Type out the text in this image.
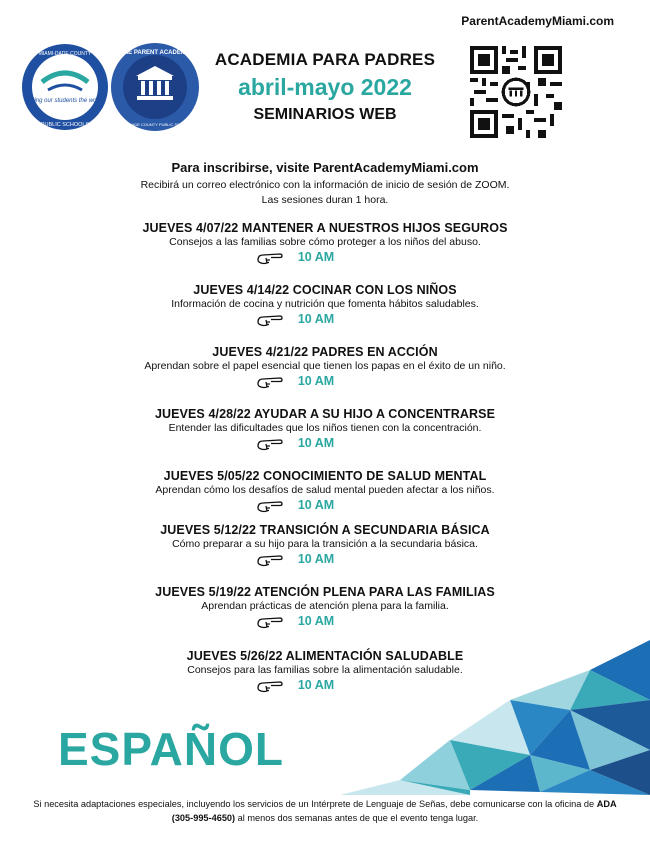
ParentAcademyMiami.com
giving our students the world
MIAMI-DADE COUNTY
PUBLIC SCHOOLS
THE PARENT ACADEMY
MIAMI-DADE COUNTY PUBLIC SCHOOLS
ACADEMIA PARA PADRES
abril-mayo 2022
SEMINARIOS WEB
Para inscribirse, visite ParentAcademyMiami.com
Recibirá un correo electrónico con la información de inicio de sesión de ZOOM.
Las sesiones duran 1 hora.
JUEVES 4/07/22 MANTENER A NUESTROS HIJOS SEGUROS
Consejos a las familias sobre cómo proteger a los niños del abuso.
10 AM
JUEVES 4/14/22 COCINAR CON LOS NIÑOS
Información de cocina y nutrición que fomenta hábitos saludables.
10 AM
JUEVES 4/21/22 PADRES EN ACCIÓN
Aprendan sobre el papel esencial que tienen los papas en el éxito de un niño.
10 AM
JUEVES 4/28/22 AYUDAR A SU HIJO A CONCENTRARSE
Entender las dificultades que los niños tienen con la concentración.
10 AM
JUEVES 5/05/22 CONOCIMIENTO DE SALUD MENTAL
Aprendan cómo los desafíos de salud mental pueden afectar a los niños.
10 AM
JUEVES 5/12/22 TRANSICIÓN A SECUNDARIA BÁSICA
Cómo preparar a su hijo para la transición a la secundaria básica.
10 AM
JUEVES 5/19/22 ATENCIÓN PLENA PARA LAS FAMILIAS
Aprendan prácticas de atención plena para la familia.
10 AM
JUEVES 5/26/22 ALIMENTACIÓN SALUDABLE
Consejos para las familias sobre la alimentación saludable.
10 AM
ESPAÑOL
Si necesita adaptaciones especiales, incluyendo los servicios de un Intérprete de Lenguaje de Señas, debe comunicarse con la oficina de ADA (305-995-4650) al menos dos semanas antes de que el evento tenga lugar.
